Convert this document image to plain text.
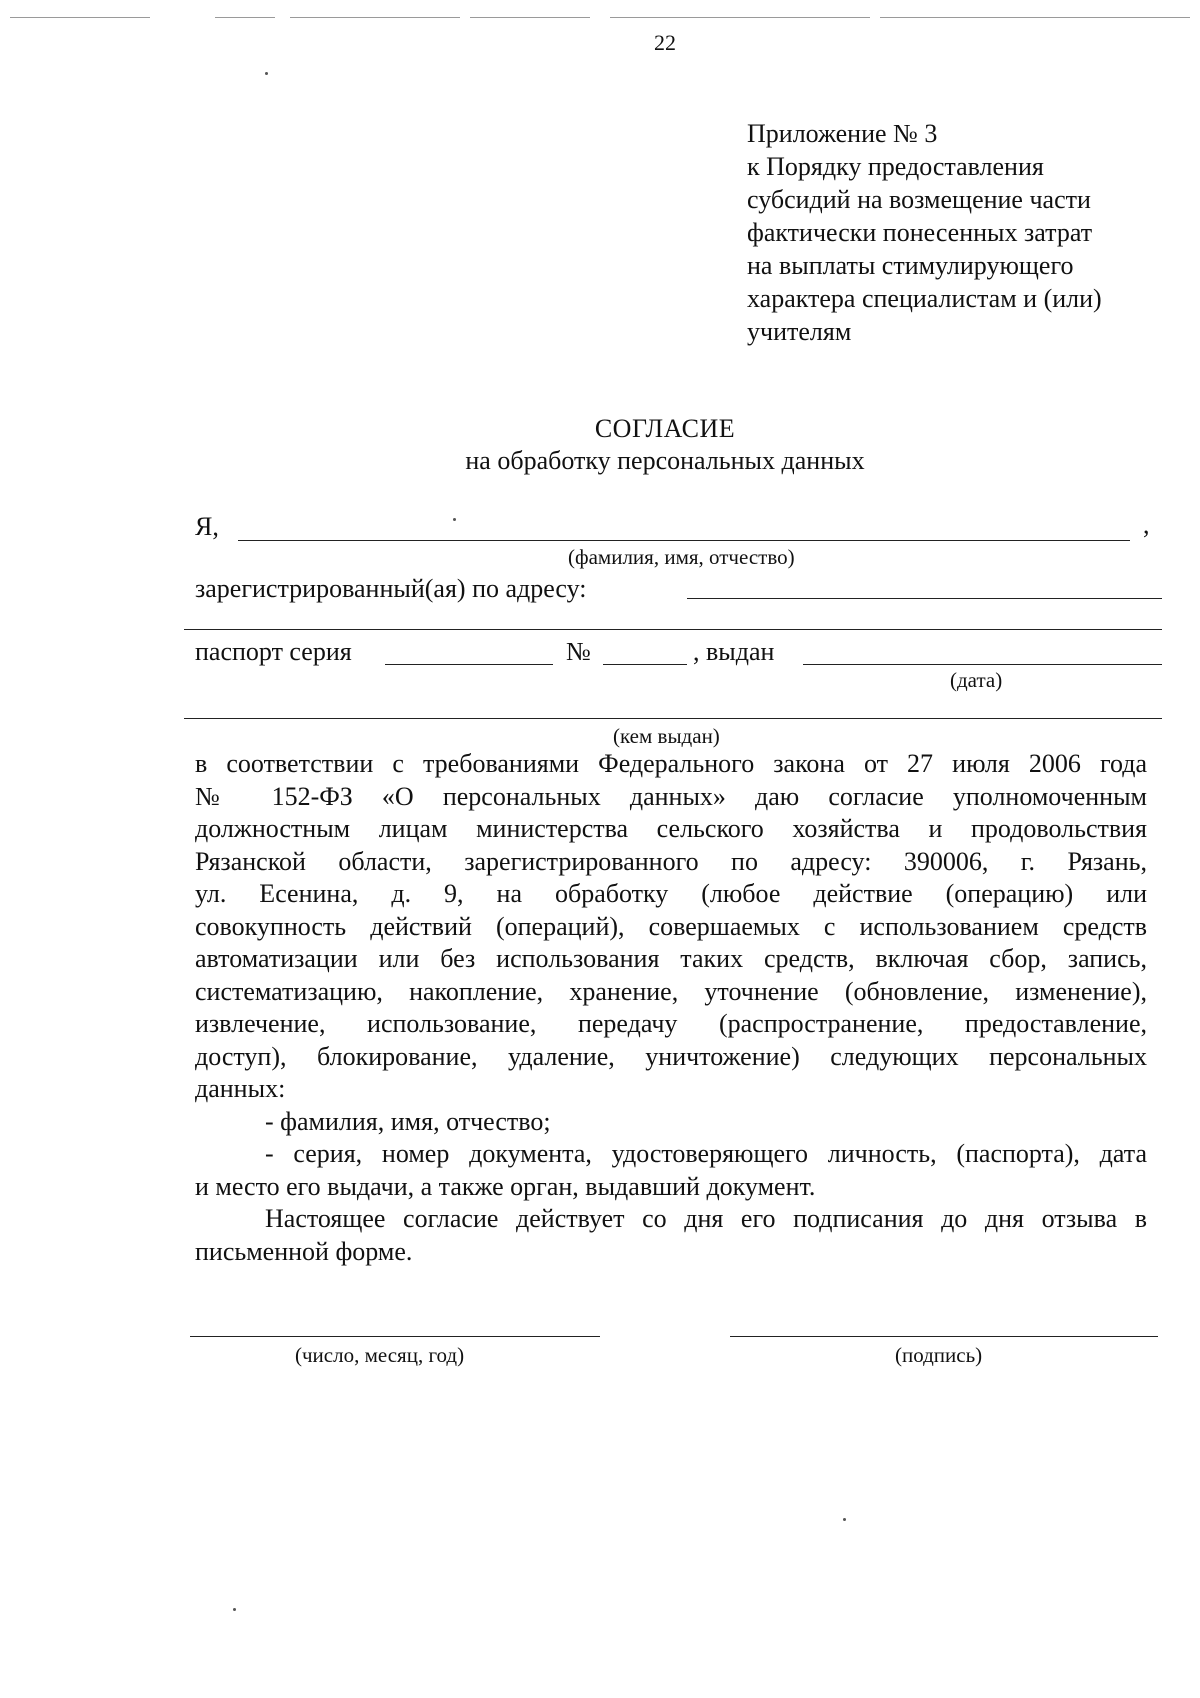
22
Приложение № 3
к Порядку предоставления
субсидий на возмещение части
фактически понесенных затрат
на выплаты стимулирующего
характера специалистам и (или)
учителям
СОГЛАСИЕ
на обработку персональных данных
Я,	,
(фамилия, имя, отчество)
зарегистрированный(ая) по адресу:
паспорт серия	№	, выдан
(дата)
(кем выдан)

в соответствии с требованиями Федерального закона от 27 июля 2006 года

№ 152-ФЗ «О персональных данных» даю согласие уполномоченным

должностным лицам министерства сельского хозяйства и продовольствия

Рязанской области, зарегистрированного по адресу: 390006, г. Рязань,

ул. Есенина, д. 9, на обработку (любое действие (операцию) или

совокупность действий (операций), совершаемых с использованием средств

автоматизации или без использования таких средств, включая сбор, запись,

систематизацию, накопление, хранение, уточнение (обновление, изменение),

извлечение, использование, передачу (распространение, предоставление,

доступ), блокирование, удаление, уничтожение) следующих персональных

данных:

- фамилия, имя, отчество;

- серия, номер документа, удостоверяющего личность, (паспорта), дата

и место его выдачи, а также орган, выдавший документ.

Настоящее согласие действует со дня его подписания до дня отзыва в

письменной форме.

(число, месяц, год)	(подпись)
